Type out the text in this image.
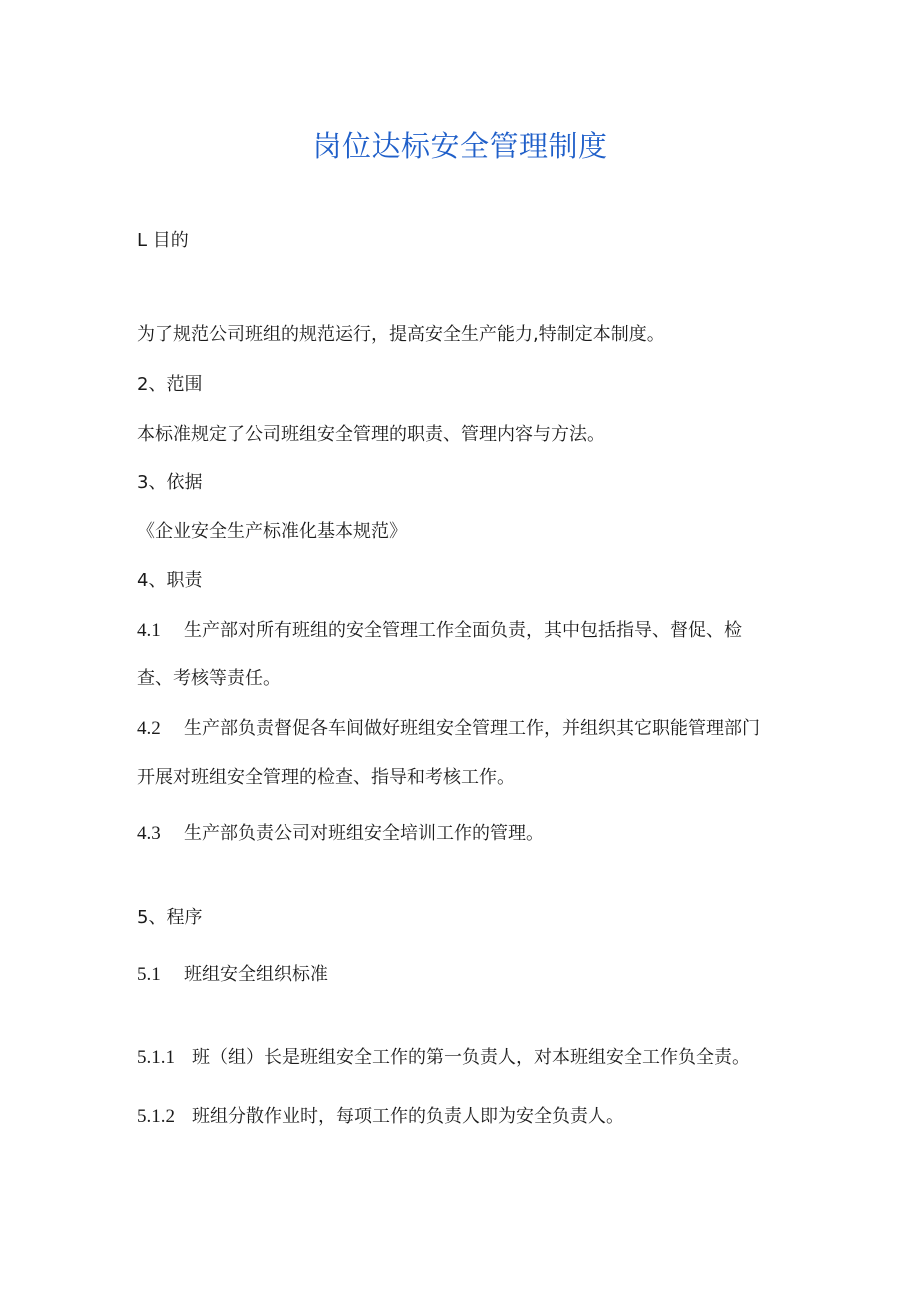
岗位达标安全管理制度
L 目的
为了规范公司班组的规范运行，提高安全生产能力,特制定本制度。
2、范围
本标准规定了公司班组安全管理的职责、管理内容与方法。
3、依据
《企业安全生产标准化基本规范》
4、职责
4.1 生产部对所有班组的安全管理工作全面负责，其中包括指导、督促、检
查、考核等责任。
4.2 生产部负责督促各车间做好班组安全管理工作，并组织其它职能管理部门
开展对班组安全管理的检查、指导和考核工作。
4.3 生产部负责公司对班组安全培训工作的管理。
5、程序
5.1 班组安全组织标准
5.1.1 班（组）长是班组安全工作的第一负责人，对本班组安全工作负全责。
5.1.2 班组分散作业时，每项工作的负责人即为安全负责人。
